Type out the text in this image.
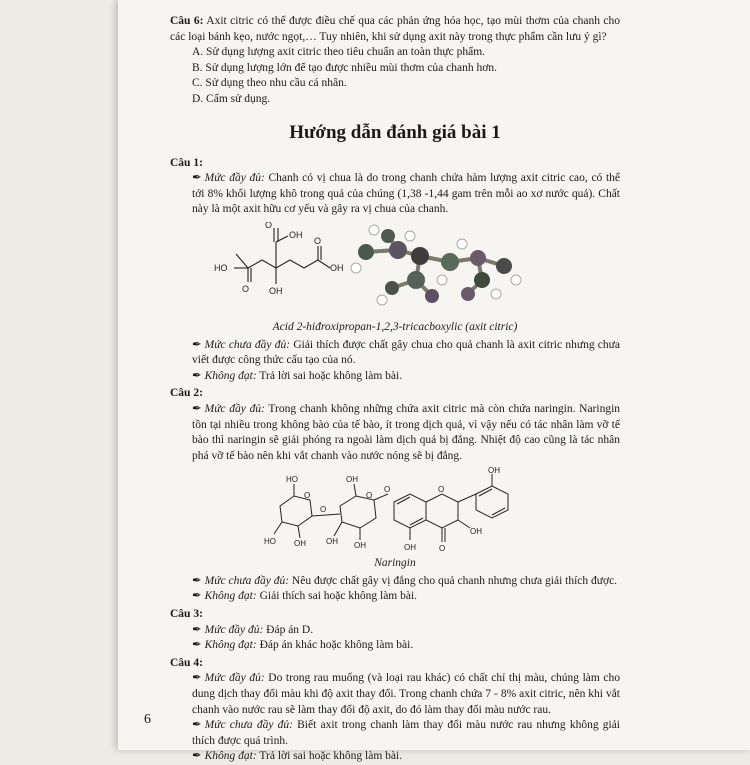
Câu 6: Axit citric có thể được điều chế qua các phản ứng hóa học, tạo mùi thơm của chanh cho các loại bánh kẹo, nước ngọt,… Tuy nhiên, khi sử dụng axit này trong thực phẩm cần lưu ý gì?

A. Sử dụng lượng axit citric theo tiêu chuẩn an toàn thực phẩm.

B. Sử dụng lượng lớn để tạo được nhiều mùi thơm của chanh hơn.

C. Sử dụng theo nhu cầu cá nhân.

D. Cấm sử dụng.

Hướng dẫn đánh giá bài 1

Câu 1:

✒ Mức đầy đủ: Chanh có vị chua là do trong chanh chứa hàm lượng axit citric cao, có thể tới 8% khối lượng khô trong quả của chúng (1,38 -1,44 gam trên mỗi ao xơ nước quả). Chất này là một axit hữu cơ yếu và gây ra vị chua của chanh.

O
OH
O
O
HO	OH
OH

Acid 2-hiđroxipropan-1,2,3-tricacboxylic (axit citric)

✒ Mức chưa đầy đủ: Giải thích được chất gây chua cho quả chanh là axit citric nhưng chưa viết được công thức cấu tạo của nó.

✒ Không đạt: Trả lời sai hoặc không làm bài.

Câu 2:

✒ Mức đầy đủ: Trong chanh không những chứa axit citric mà còn chứa naringin. Naringin tồn tại nhiều trong không bào của tế bào, ít trong dịch quả, vì vậy nếu có tác nhân làm vỡ tế bào thì naringin sẽ giải phóng ra ngoài làm dịch quả bị đắng. Nhiệt độ cao cũng là tác nhân phá vỡ tế bào nên khi vắt chanh vào nước nóng sẽ bị đắng.

OH
HO
O
OH
HO OH
O
O
O	O
OH
OH
OH
OH
O

Naringin

✒ Mức chưa đầy đủ: Nêu được chất gây vị đắng cho quả chanh nhưng chưa giải thích được.

✒ Không đạt: Giải thích sai hoặc không làm bài.

Câu 3:

✒ Mức đầy đủ: Đáp án D.

✒ Không đạt: Đáp án khác hoặc không làm bài.

Câu 4:

✒ Mức đầy đủ: Do trong rau muống (và loại rau khác) có chất chỉ thị màu, chúng làm cho dung dịch thay đổi màu khi độ axit thay đổi. Trong chanh chứa 7 - 8% axit citric, nên khi vắt chanh vào nước rau sẽ làm thay đổi độ axit, do đó làm thay đổi màu nước rau.

✒ Mức chưa đầy đủ: Biết axit trong chanh làm thay đổi màu nước rau nhưng không giải thích được quá trình.

✒ Không đạt: Trả lời sai hoặc không làm bài.

6
